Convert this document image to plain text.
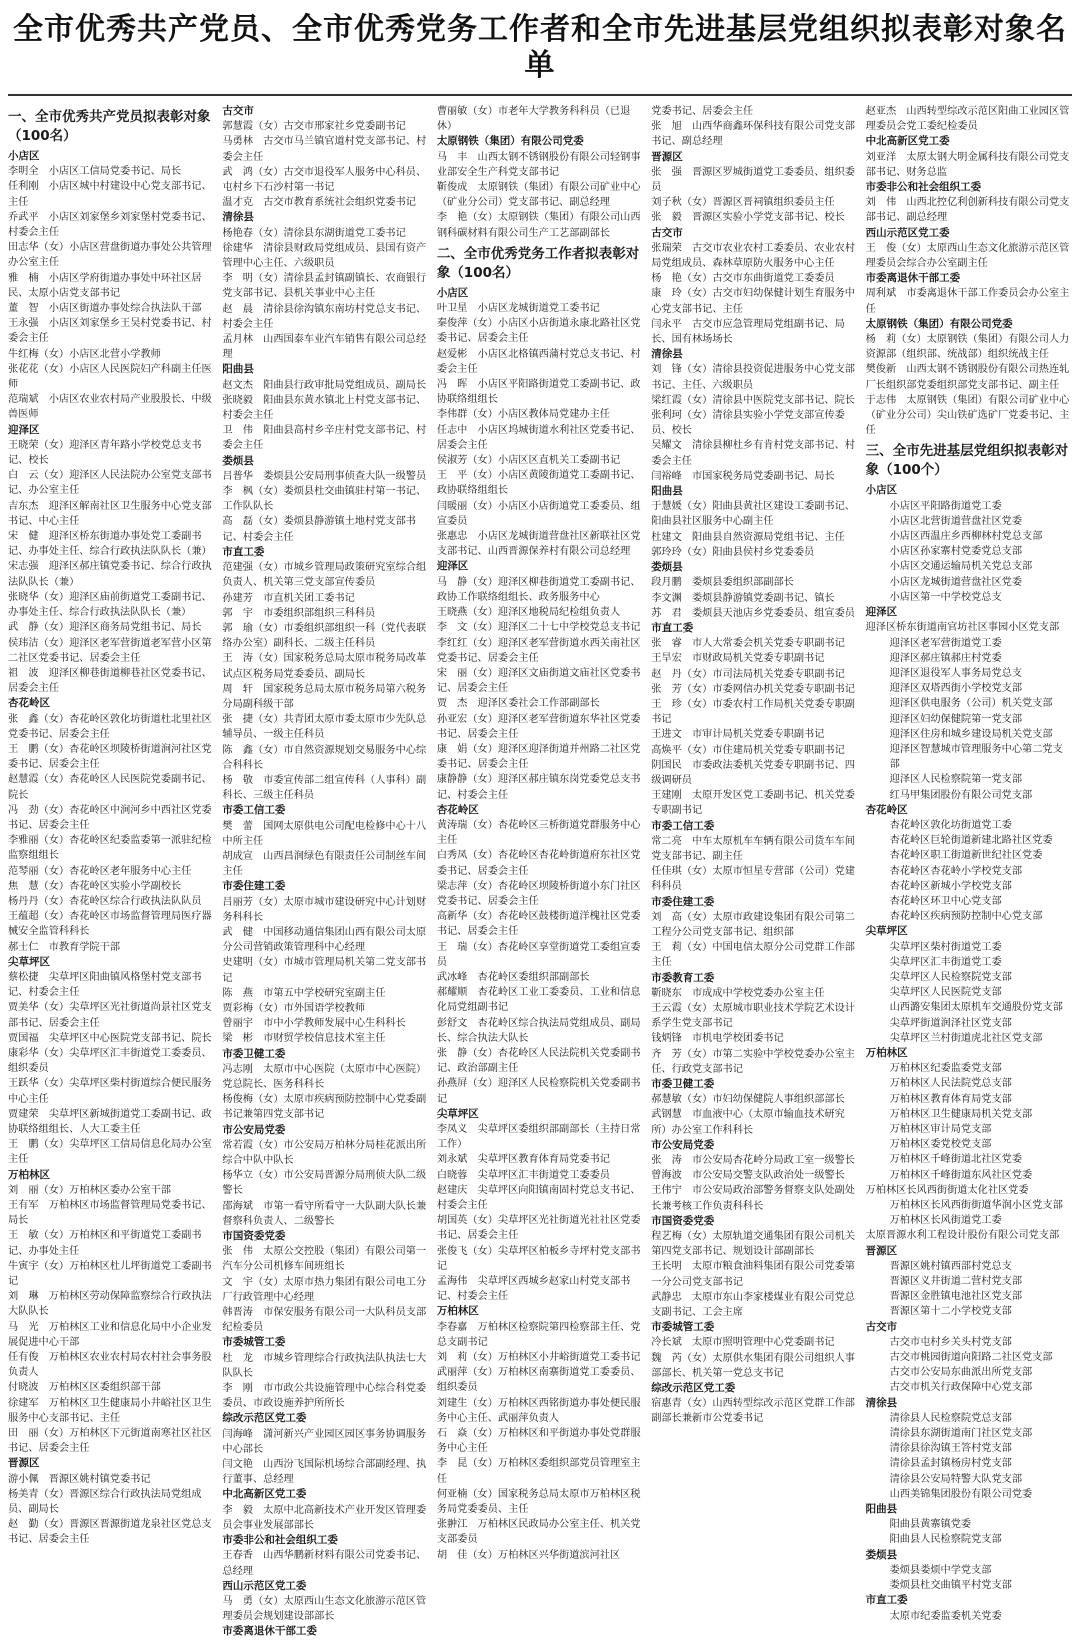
全市优秀共产党员、全市优秀党务工作者和全市先进基层党组织拟表彰对象名单
一、全市优秀共产党员拟表彰对象（100名）
小店区
李明全　小店区工信局党委书记、局长
任利刚　小店区城中村建设中心党支部书记、主任
乔武平　小店区刘家堡乡刘家堡村党委书记、村委会主任
田志华（女）小店区营盘街道办事处公共管理办公室主任
雅　楠　小店区学府街道办事处中环社区居民、太原小店党支部书记
董　智　小店区街道办事处综合执法队干部
王永强　小店区刘家堡乡王吴村党委书记、村委会主任
牛红梅（女）小店区北营小学教师
张花花（女）小店区人民医院妇产科副主任医师
范瑞斌　小店区农业农村局产业股股长、中级兽医师
迎泽区
王晓荣（女）迎泽区青年路小学校党总支书记、校长
白　云（女）迎泽区人民法院办公室党支部书记、办公室主任
吉东杰　迎泽区解南社区卫生服务中心党支部书记、中心主任
宋　健　迎泽区桥东街道办事处党工委副书记、办事处主任、综合行政执法队队长（兼）
宋志强　迎泽区郝庄镇党委书记、综合行政执法队队长（兼）
张晓华（女）迎泽区庙前街道党工委副书记、办事处主任、综合行政执法队队长（兼）
武　静（女）迎泽区商务局党组书记、局长
侯玮洁（女）迎泽区老军营街道老军营小区第二社区党委书记、居委会主任
祖　波　迎泽区柳巷街道柳巷社区党委书记、居委会主任
杏花岭区
张　鑫（女）杏花岭区敦化坊街道杜北里社区党委书记、居委会主任
王　鹏（女）杏花岭区坝陵桥街道涧河社区党委书记、居委会主任
赵慧霞（女）杏花岭区人民医院党委副书记、院长
冯　劲（女）杏花岭区中涧河乡中西社区党委书记、居委会主任
李雅丽（女）杏花岭区纪委监委第一派驻纪检监察组组长
范琴丽（女）杏花岭区老年服务中心主任
焦　慧（女）杏花岭区实验小学副校长
杨丹丹（女）杏花岭区综合行政执法队队员
王蕴超（女）杏花岭区市场监督管理局医疗器械安全监管科科长
郝士仁　市教育学院干部
尖草坪区
蔡松捷　尖草坪区阳曲镇风格堡村党支部书记、村委会主任
贾美华（女）尖草坪区光社街道尚景社区党支部书记、居委会主任
贾国福　尖草坪区中心医院党支部书记、院长
康彩华（女）尖草坪区汇丰街道党工委委员、组织委员
王跃华（女）尖草坪区柴村街道综合便民服务中心主任
贾建荣　尖草坪区新城街道党工委副书记、政协联络组组长、人大工委主任
王　鹏（女）尖草坪区工信局信息化局办公室主任
万柏林区
刘　丽（女）万柏林区委办公室干部
王有军　万柏林区市场监督管理局党委书记、局长
王　敏（女）万柏林区和平街道党工委副书记、办事处主任
牛寅宇（女）万柏林区杜儿坪街道党工委副书记
刘　琳　万柏林区劳动保障监察综合行政执法大队队长
马　光　万柏林区工业和信息化局中小企业发展促进中心干部
任有俊　万柏林区农业农村局农村社会事务股负责人
付晓波　万柏林区区委组织部干部
徐建军　万柏林区卫生健康局小井峪社区卫生服务中心支部书记、主任
田　丽（女）万柏林区下元街道南寒社区社区书记、居委会主任
晋源区
游小佩　晋源区姚村镇党委书记
杨美青（女）晋源区综合行政执法局党组成员、副局长
赵　勤（女）晋源区晋源街道龙泉社区党总支书记、居委会主任
古交市
郭慧霞（女）古交市邢家社乡党委副书记
马勇林　古交市马兰镇官道村党支部书记、村委会主任
武　鸿（女）古交市退役军人服务中心科员、屯村乡下石沙村第一书记
温才克　古交市教育系统社会组织党委书记
清徐县
杨艳春（女）清徐县东湖街道党工委书记
徐建华　清徐县财政局党组成员、县国有资产管理中心主任、六级职员
李　明（女）清徐县孟封镇副镇长、农商银行党支部书记、县机关事业中心主任
赵　晨　清徐县徐沟镇东南坊村党总支书记、村委会主任
孟月林　山西国泰车业汽车销售有限公司总经理
阳曲县
赵文杰　阳曲县行政审批局党组成员、副局长
张晓毅　阳曲县东黄水镇北上村党支部书记、村委会主任
卫　伟　阳曲县高村乡辛庄村党支部书记、村委会主任
娄烦县
吕普华　娄烦县公安局刑事侦查大队一级警员
李　枫（女）娄烦县杜交曲镇驻村第一书记、工作队队长
高　磊（女）娄烦县静游镇土地村党支部书记、村委会主任
市直工委
范建强（女）市城乡管理局政策研究室综合组负责人、机关第三党支部宣传委员
孙建芳　市直机关团工委书记
郭　宇　市委组织部组织三科科员
郭　瑜（女）市委组织部组织一科（党代表联络办公室）副科长、二级主任科员
王　涛（女）国家税务总局太原市税务局改革试点区税务局党委委员、副局长
周　轩　国家税务总局太原市税务局第六税务分局副科级干部
张　捷（女）共青团太原市委太原市少先队总辅导员、一级主任科员
陈　鑫（女）市自然资源规划交易服务中心综合科科长
杨　敬　市委宣传部二组宣传科（人事科）副科长、三级主任科员
市委工信工委
樊　蕾　国网太原供电公司配电检修中心十八中所主任
胡成宣　山西昌润绿色有限责任公司制丝车间主任
市委住建工委
吕丽芳（女）太原市城市建设研究中心计划财务科科长
武　健　中国移动通信集团山西有限公司太原分公司营销政策管理科中心经理
史建明（女）市城市管理局机关第二党支部书记
陈　燕　市第五中学校研究室副主任
贾彩梅（女）市外国语学校教师
曾丽宇　市中小学教师发展中心生科科长
梁　彬　市财贸学校信息技术室主任
市委卫健工委
冯志刚　太原市中心医院（太原市中心医院）党总院长、医务科科长
杨俊梅（女）太原市疾病预防控制中心党委副书记兼第四党支部书记
市公安局党委
常若霞（女）市公安局万柏林分局桂花派出所综合中队中队长
杨华立（女）市公安局晋源分局刑侦大队二级警长
邵海斌　市第一看守所看守一大队副大队长兼督察科负责人、二级警长
市国资委党委
张　伟　太原公交控股（集团）有限公司第一汽车分公司机修车间班组长
文　宇（女）太原市热力集团有限公司电工分厂行政管理中心经理
韩晋涛　市保安服务有限公司一大队科员支部纪检委员
市委城管工委
杜　龙　市城乡管理综合行政执法队执法七大队队长
李　刚　市市政公共设施管理中心综合科党委委员、市政设施养护所所长
综改示范区党工委
闫海峰　潇河新兴产业园区园区事务协调服务中心部长
闫文艳　山西汾飞国际机场综合部副经理、执行董事、总经理
中北高新区党工委
李　毅　太原中北高新技术产业开发区管理委员会事业发展部部长
市委非公和社会组织工委
王春香　山西华鹏新材料有限公司党委书记、总经理
西山示范区党工委
马　勇（女）太原西山生态文化旅游示范区管理委员会规划建设部部长
市委离退休干部工委
曹丽敏（女）市老年大学教务科科员（已退休）
太原钢铁（集团）有限公司党委
马　丰　山西太钢不锈钢股份有限公司轻钢事业部安全生产科党支部书记
靳俊成　太原钢铁（集团）有限公司矿业中心（矿业分公司）党支部书记、副总经理
李　艳（女）太原钢铁（集团）有限公司山西钢科碳材料有限公司生产工艺部副部长
二、全市优秀党务工作者拟表彰对象（100名）
小店区
叶卫星　小店区龙城街道党工委书记
秦俊萍（女）小店区小店街道永康北路社区党委书记、居委会主任
赵爱彬　小店区北格镇西蒲村党总支书记、村委会主任
冯　晖　小店区平阳路街道党工委副书记、政协联络组组长
李伟群（女）小店区教体局党建办主任
任志中　小店区坞城街道水利社区党委书记、居委会主任
侯淑芳（女）小店区区直机关工委副书记
王　平（女）小店区黄陵街道党工委副书记、政协联络组组长
闫暖丽（女）小店区小店街道党工委委员、组宣委员
张惠忠　小店区龙城街道营盘社区新联社区党支部书记、山西晋源保养村有限公司总经理
迎泽区
马　静（女）迎泽区柳巷街道党工委副书记、政协工作联络组组长、政务服务中心
王晓燕（女）迎泽区地税局纪检组负责人
李　文（女）迎泽区二十七中学校党总支书记
李红红（女）迎泽区老军营街道水西关南社区党委书记、居委会主任
宋　丽（女）迎泽区文庙街道文庙社区党委书记、居委会主任
贾　杰　迎泽区委社会工作部副部长
孙亚宏（女）迎泽区老军营街道东华社区党委书记、居委会主任
康　娟（女）迎泽区迎泽街道并州路二社区党委书记、居委会主任
康静静（女）迎泽区郝庄镇东岗党委党总支书记、村委会主任
杏花岭区
黄涛瑞（女）杏花岭区三桥街道党群服务中心主任
白秀凤（女）杏花岭区杏花岭街道府东社区党委书记、居委会主任
梁志萍（女）杏花岭区坝陵桥街道小东门社区党委书记、居委会主任
高新华（女）杏花岭区鼓楼街道洋槐社区党委书记、居委会主任
王　瑞（女）杏花岭区享堂街道党工委组宣委员
武冰峰　杏花岭区委组织部副部长
郝耀顺　杏花岭区工业工委委员、工业和信息化局党组副书记
彭舒文　杏花岭区综合执法局党组成员、副局长、综合执法大队长
张　静（女）杏花岭区人民法院机关党委副书记、政治部副主任
孙燕屏（女）迎泽区人民检察院机关党委副书记
尖草坪区
李凤义　尖草坪区委组织部副部长（主持日常工作）
刘永斌　尖草坪区教育体育局党委书记
白晓蓉　尖草坪区汇丰街道党工委委员
赵建庆　尖草坪区向阳镇南固村党总支书记、村委会主任
胡国英（女）尖草坪区光社街道光社社区党委书记、居委会主任
张俊飞（女）尖草坪区柏板乡寺坪村党支部书记
孟海伟　尖草坪区西城乡赵家山村党支部书记、村委会主任
万柏林区
李春嘉　万柏林区检察院第四检察部主任、党总支副书记
刘　莉（女）万柏林区小井峪街道党工委书记
武丽萍（女）万柏林区南寨街道党工委委员、组织委员
刘建生（女）万柏林区西铭街道办事处便民服务中心主任、武丽萍负责人
石　焱（女）万柏林区和平街道办事处党群服务中心主任
李　昆（女）万柏林区委组织部党员管理室主任
何亚楠（女）国家税务总局太原市万柏林区税务局党委委员、主任
张翀江　万柏林区民政局办公室主任、机关党支部委员
胡　佳（女）万柏林区兴华街道滨河社区
党委书记、居委会主任
张　旭　山西华商鑫环保科技有限公司党支部书记、副总经理
晋源区
张　强　晋源区罗城街道党工委委员、组织委员
刘子秋（女）晋源区晋祠镇组织委员主任
张　毅　晋源区实验小学党支部书记、校长
古交市
张瑞荣　古交市农业农村工委委员、农业农村局党组成员、森林草原防火服务中心主任
杨　艳（女）古交市东曲街道党工委委员
康　玲（女）古交市妇幼保健计划生育服务中心党支部书记、主任
闫永平　古交市应急管理局党组副书记、局长、国有林场场长
清徐县
刘　锋（女）清徐县投资促进服务中心党支部书记、主任、六级职员
梁红霞（女）清徐县中医院党支部书记、院长
张利珂（女）清徐县实验小学党支部宣传委员、校长
吴耀文　清徐县柳杜乡有肯村党支部书记、村委会主任
闫裕峰　市国家税务局党委副书记、局长
阳曲县
于慧媛（女）阳曲县黄社区建设工委副书记、阳曲县社区服务中心副主任
杜建文　阳曲县自然资源局党组书记、主任
郭玲玲（女）阳曲县侯村乡党委委员
娄烦县
段月鹏　娄烦县委组织部副部长
李文渊　娄烦县静游镇党委副书记、镇长
苏　君　娄烦县天池店乡党委委员、组宣委员
市直工委
张　睿　市人大常委会机关党委专职副书记
王旱宏　市财政局机关党委专职副书记
赵　丹（女）市司法局机关党委专职副书记
张　芳（女）市委网信办机关党委专职副书记
王　珍（女）市委农村工作局机关党委专职副书记
王进文　市审计局机关党委专职副书记
高焕平（女）市住建局机关党委专职副书记
阴国民　市委政法委机关党委专职副书记、四级调研员
王建刚　太原开发区党工委副书记、机关党委专职副书记
市委工信工委
常二亮　中车太原机车车辆有限公司货车车间党支部书记、副主任
任佳琪（女）太原市恒星专营部（公司）党建科科员
市委住建工委
刘　高（女）太原市政建设集团有限公司第二工程分公司党支部书记、组织部
王　莉（女）中国电信太原分公司党群工作部主任
市委教育工委
靳晓东　市成成中学校党委办公室主任
王云霞（女）太原城市职业技术学院艺术设计系学生党支部书记
钱炳锋　市机电学校团委书记
齐　芳（女）市第二实验中学校党委办公室主任、行政党支部书记
市委卫健工委
郝慧敏（女）市妇幼保健院人事组织部部长
武钢慧　市血液中心（太原市输血技术研究所）办公室工作科科长
市公安局党委
张　涛　市公安局杏花岭分局政工室一级警长
曾海波　市公安局交警支队政治处一级警长
王伟宁　市公安局政治部警务督察支队处副处长兼考核工作负责科科长
市国资委党委
程艺梅（女）太原轨道交通集团有限公司机关第四党支部书记、规划设计部副部长
王长明　太原市粮食油料集团有限公司党委第一分公司党支部书记
武静忠　太原市东山李家楼煤业有限公司党总支副书记、工会主席
市委城管工委
冷长斌　太原市照明管理中心党委副书记
魏　芮（女）太原供水集团有限公司组织人事部部长、机关第一党总支书记
综改示范区党工委
宿惠青（女）山西转型综改示范区党群工作部副部长兼新市公党委书记
赵亚杰　山西转型综改示范区阳曲工业园区管理委员会党工委纪检委员
中北高新区党工委
刘亚洋　太原太钢大明金属科技有限公司党支部书记、财务总监
市委非公和社会组织工委
刘　伟　山西北控亿利创新科技有限公司党支部书记、副总经理
西山示范区党工委
王　俊（女）太原西山生态文化旅游示范区管理委员会综合办公室副主任
市委离退休干部工委
周利斌　市委离退休干部工作委员会办公室主任
太原钢铁（集团）有限公司党委
杨　莉（女）太原钢铁（集团）有限公司人力资源部（组织部、统战部）组织统战主任
樊俊新　山西太钢不锈钢股份有限公司热连轧厂长组织部党委组织部党支部书记、副主任
于志伟　太原钢铁（集团）有限公司矿业中心（矿业分公司）尖山铁矿选矿厂党委书记、主任
三、全市先进基层党组织拟表彰对象（100个）
小店区
小店区平阳路街道党工委
小店区北营街道营盘社区党委
小店区西温庄乡西柳林村党总支部
小店区孙家寨村党委党总支部
小店区交通运输局机关党总支部
小店区龙城街道营盘社区党委
小店区第一中学校党总支
迎泽区
迎泽区桥东街道南官坊社区事园小区党支部
迎泽区老军营街道党工委
迎泽区郝庄镇郝庄村党委
迎泽区退役军人事务局党总支
迎泽区双塔西街小学校党支部
迎泽区供电服务（公司）机关党支部
迎泽区妇幼保健院第一党支部
迎泽区住房和城乡建设局机关党支部
迎泽区智慧城市管理服务中心第二党支部
迎泽区人民检察院第一党支部
红马甲集团股份有限公司党支部
杏花岭区
杏花岭区敦化坊街道党工委
杏花岭区巨轮街道新建北路社区党委
杏花岭区职工街道新世纪社区党委
杏花岭区杏花岭小学校党支部
杏花岭区新城小学校党支部
杏花岭区环卫中心党支部
杏花岭区疾病预防控制中心党支部
尖草坪区
尖草坪区柴村街道党工委
尖草坪区汇丰街道党工委
尖草坪区人民检察院党支部
尖草坪区人民医院党支部
山西潞安集团太原机车交通股份党支部
尖草坪街道润泽社区党支部
尖草坪区兰村街道虎北社区党支部
万柏林区
万柏林区纪委监委党支部
万柏林区人民法院党总支部
万柏林区教育体育局党支部
万柏林区卫生健康局机关党支部
万柏林区审计局党支部
万柏林区委党校党支部
万柏林区千峰街道北社区党委
万柏林区千峰街道东风社区党委
万柏林区长风西街街道太化社区党委
万柏林区长风西街街道华润小区党支部
万柏林区长风街道党工委
太原晋源水利工程设计股份有限公司党支部
晋源区
晋源区姚村镇西部村党总支
晋源区义井街道二营村党支部
晋源区金胜镇电池社区党支部
晋源区第十二小学校党支部
古交市
古交市屯村乡关头村党支部
古交市桃园街道向阳路二社区党支部
古交市公安局东曲派出所党支部
古交市机关行政保障中心党支部
清徐县
清徐县人民检察院党总支部
清徐县东湖街道南门社区党支部
清徐县徐沟镇王答村党支部
清徐县孟封镇杨房村党支部
清徐县公安局特警大队党支部
山西美锦集团股份有限公司党委
阳曲县
阳曲县黄寨镇党委
阳曲县人民检察院党支部
娄烦县
娄烦县娄烦中学党支部
娄烦县杜交曲镇平村党支部
市直工委
太原市纪委监委机关党委
